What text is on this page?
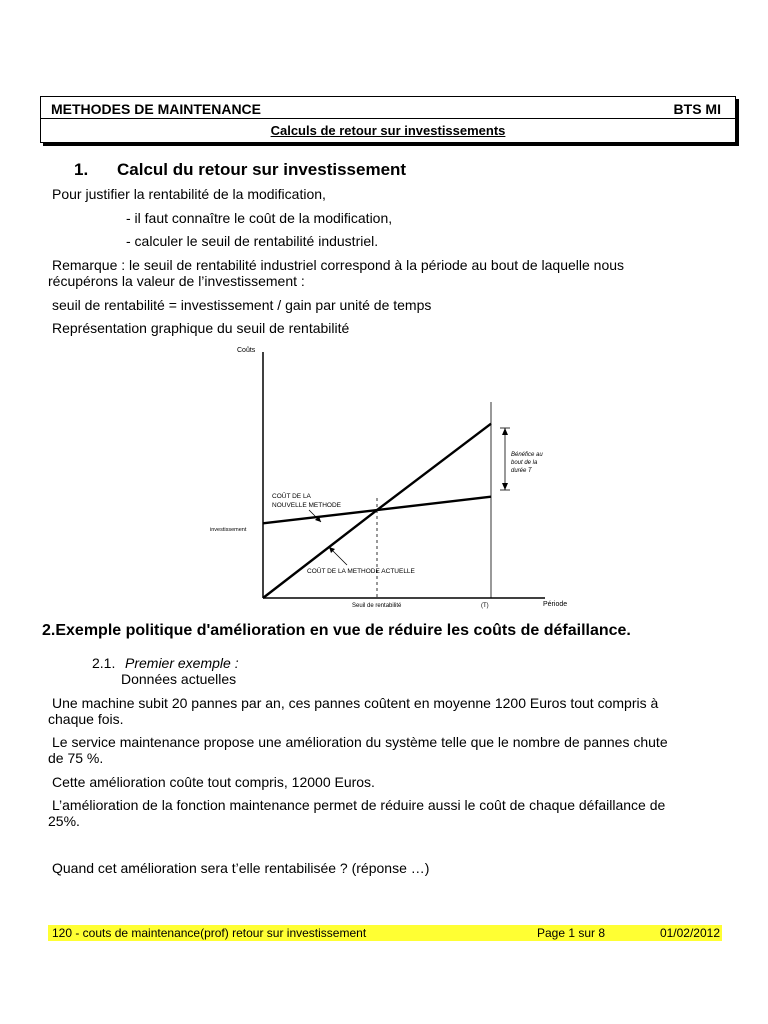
METHODES DE MAINTENANCE	BTS MI
Calculs de retour sur investissements
1. Calcul du retour sur investissement
Pour justifier la rentabilité de la modification,
- il faut connaître le coût de la modification,
- calculer le seuil de rentabilité industriel.
Remarque : le seuil de rentabilité industriel correspond à la période au bout de laquelle nous
récupérons la valeur de l’investissement :
seuil de rentabilité = investissement / gain par unité de temps
Représentation graphique du seuil de rentabilité
Coûts
Période
investissement
Seuil de rentabilité	(T)
COÛT DE LA
NOUVELLE METHODE
COÛT DE LA METHODE ACTUELLE
Bénéfice au
bout de la
durée T
2.Exemple politique d'amélioration en vue de réduire les coûts de défaillance.
2.1. Premier exemple :
Données actuelles
Une machine subit 20 pannes par an, ces pannes coûtent en moyenne 1200 Euros tout compris à
chaque fois.
Le service maintenance propose une amélioration du système telle que le nombre de pannes chute
de 75 %.
Cette amélioration coûte tout compris, 12000 Euros.
L’amélioration de la fonction maintenance permet de réduire aussi le coût de chaque défaillance de
25%.
Quand cet amélioration sera t’elle rentabilisée ? (réponse …)
120 - couts de maintenance(prof) retour sur investissement	Page 1 sur 8	01/02/2012
